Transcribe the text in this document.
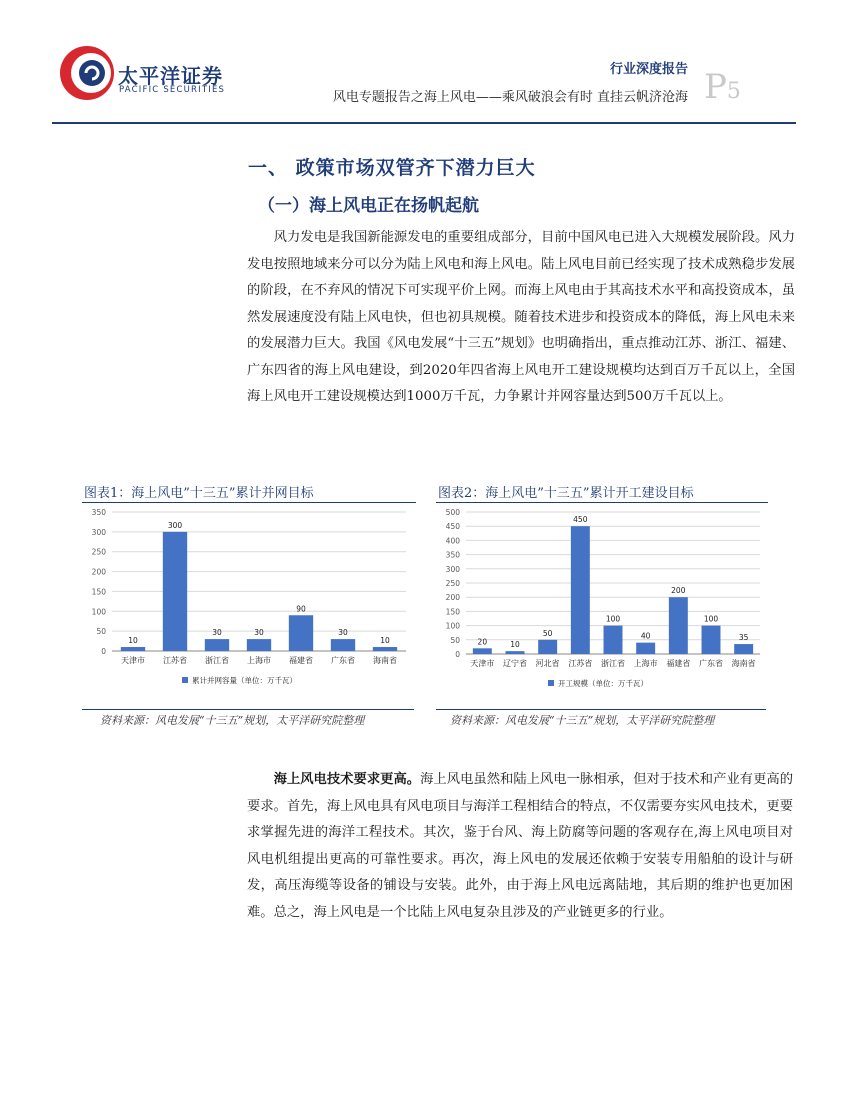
太平洋证券
PACIFIC SECURITIES
行业深度报告
风电专题报告之海上风电——乘风破浪会有时 直挂云帆济沧海 P5
一、 政策市场双管齐下潜力巨大
（一）海上风电正在扬帆起航
风力发电是我国新能源发电的重要组成部分，目前中国风电已进入大规模发展阶段。风力发电按照地域来分可以分为陆上风电和海上风电。陆上风电目前已经实现了技术成熟稳步发展的阶段，在不弃风的情况下可实现平价上网。而海上风电由于其高技术水平和高投资成本，虽然发展速度没有陆上风电快，但也初具规模。随着技术进步和投资成本的降低，海上风电未来的发展潜力巨大。我国《风电发展“十三五”规划》也明确指出，重点推动江苏、浙江、福建、广东四省的海上风电建设，到2020年四省海上风电开工建设规模均达到百万千瓦以上，全国海上风电开工建设规模达到1000万千瓦，力争累计并网容量达到500万千瓦以上。
图表1：海上风电”十三五”累计并网目标
0
50
100
150
200
250
300
350
10
天津市
300
江苏省
30
浙江省
30
上海市
90
福建省
30
广东省
10
海南省
累计并网容量（单位：万千瓦）
资料来源：风电发展“十三五”规划，太平洋研究院整理
图表2：海上风电”十三五”累计开工建设目标
0
50
100
150
200
250
300
350
400
450
500
20
天津市
10
辽宁省
50
河北省
450
江苏省
100
浙江省
40
上海市
200
福建省
100
广东省
35
海南省
开工规模（单位：万千瓦）
资料来源：风电发展“十三五”规划，太平洋研究院整理
海上风电技术要求更高。海上风电虽然和陆上风电一脉相承，但对于技术和产业有更高的要求。首先，海上风电具有风电项目与海洋工程相结合的特点，不仅需要夯实风电技术，更要求掌握先进的海洋工程技术。其次，鉴于台风、海上防腐等问题的客观存在,海上风电项目对风电机组提出更高的可靠性要求。再次，海上风电的发展还依赖于安装专用船舶的设计与研发，高压海缆等设备的铺设与安装。此外，由于海上风电远离陆地，其后期的维护也更加困难。总之，海上风电是一个比陆上风电复杂且涉及的产业链更多的行业。
